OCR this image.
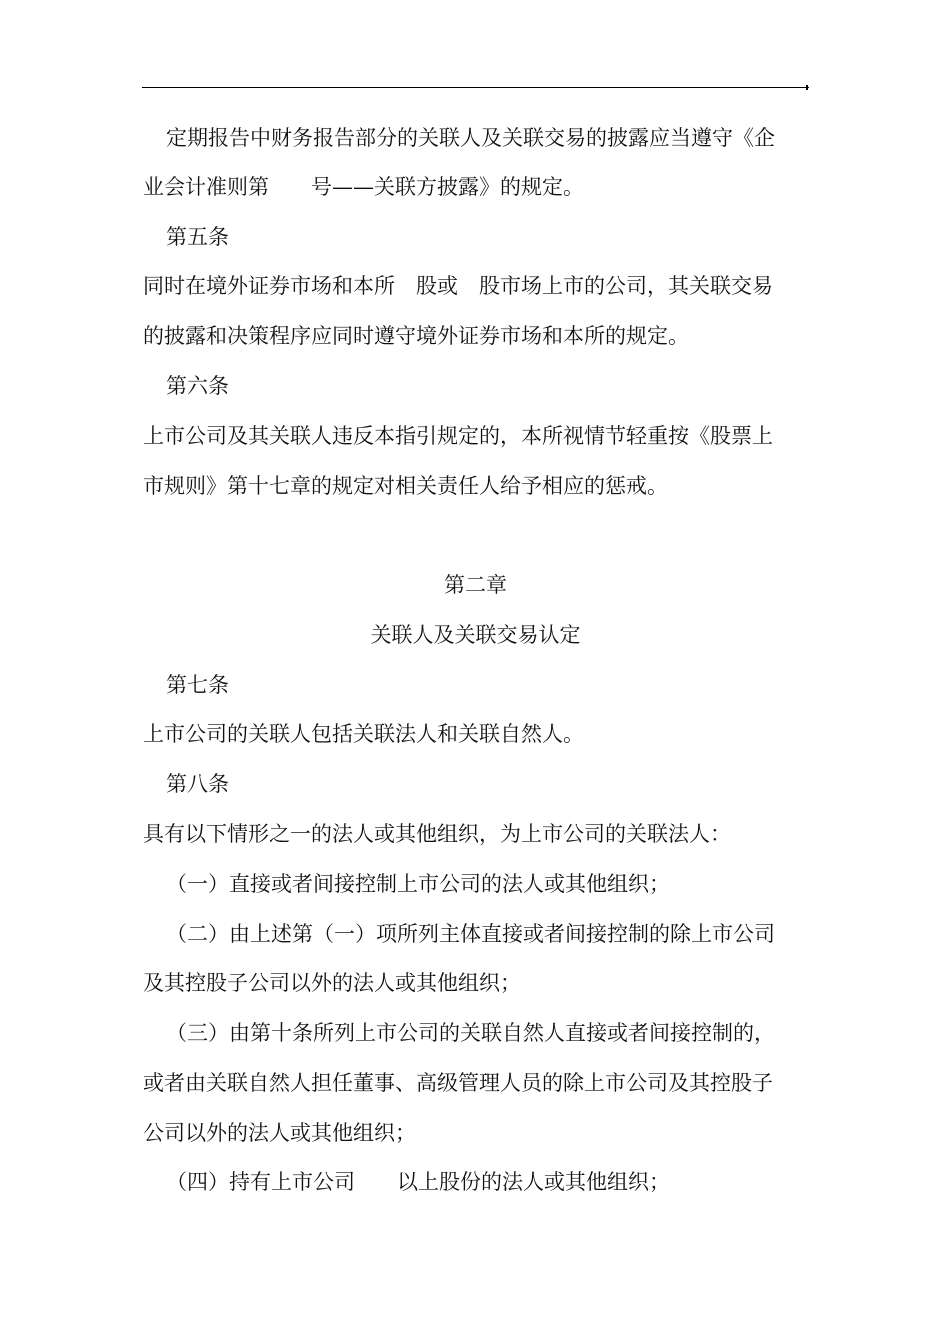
定期报告中财务报告部分的关联人及关联交易的披露应当遵守《企
业会计准则第　　号——关联方披露》的规定。
第五条
同时在境外证券市场和本所　股或　股市场上市的公司，其关联交易
的披露和决策程序应同时遵守境外证券市场和本所的规定。
第六条
上市公司及其关联人违反本指引规定的，本所视情节轻重按《股票上
市规则》第十七章的规定对相关责任人给予相应的惩戒。
第二章
关联人及关联交易认定
第七条
上市公司的关联人包括关联法人和关联自然人。
第八条
具有以下情形之一的法人或其他组织，为上市公司的关联法人：
（一）直接或者间接控制上市公司的法人或其他组织；
（二）由上述第（一）项所列主体直接或者间接控制的除上市公司
及其控股子公司以外的法人或其他组织；
（三）由第十条所列上市公司的关联自然人直接或者间接控制的，
或者由关联自然人担任董事、高级管理人员的除上市公司及其控股子
公司以外的法人或其他组织；
（四）持有上市公司　　以上股份的法人或其他组织；
